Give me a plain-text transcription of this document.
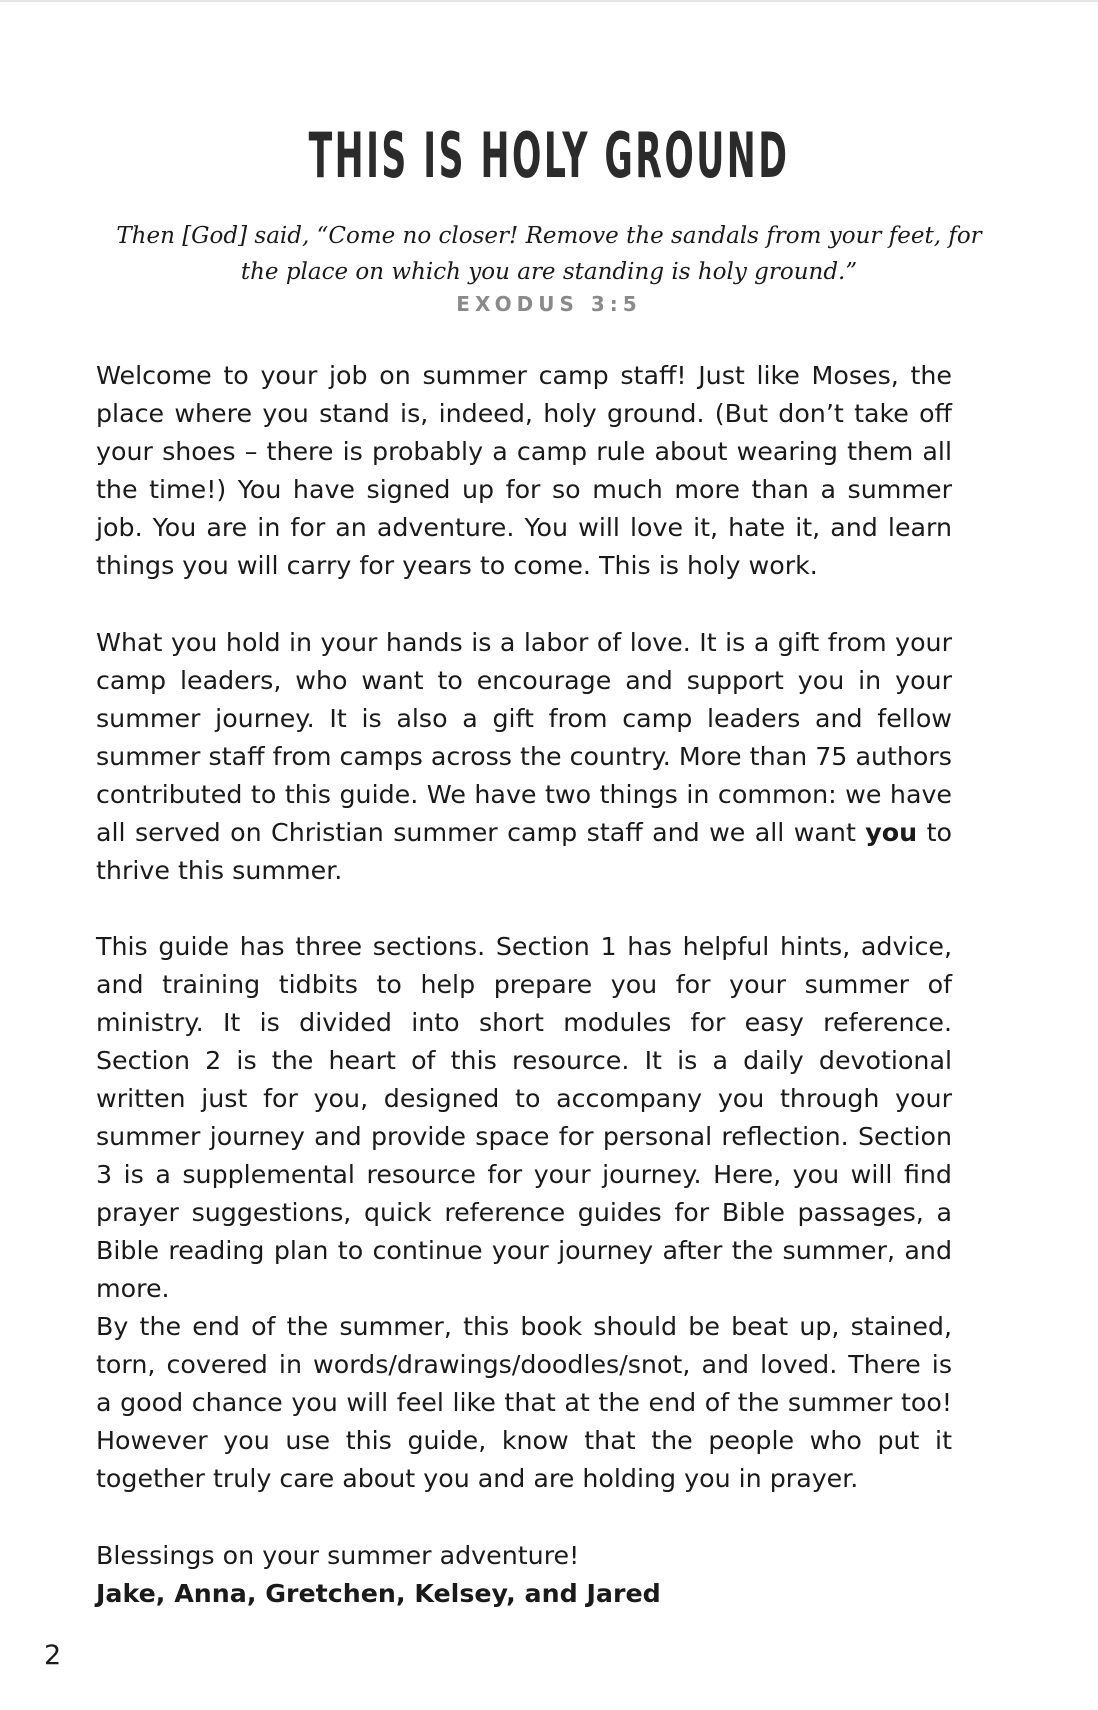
THIS IS HOLY GROUND

Then [God] said, “Come no closer! Remove the sandals from your feet, for the place on which you are standing is holy ground.”

EXODUS 3:5

Welcome to your job on summer camp staff! Just like Moses, the place where you stand is, indeed, holy ground. (But don’t take off your shoes – there is probably a camp rule about wearing them all the time!) You have signed up for so much more than a summer job. You are in for an adventure. You will love it, hate it, and learn things you will carry for years to come. This is holy work.

What you hold in your hands is a labor of love. It is a gift from your camp leaders, who want to encourage and support you in your summer journey. It is also a gift from camp leaders and fellow summer staff from camps across the country. More than 75 authors contributed to this guide. We have two things in common: we have all served on Christian summer camp staff and we all want you to thrive this summer.

This guide has three sections. Section 1 has helpful hints, advice, and training tidbits to help prepare you for your summer of ministry. It is divided into short modules for easy reference. Section 2 is the heart of this resource. It is a daily devotional written just for you, designed to accompany you through your summer journey and provide space for personal reflection. Section 3 is a supplemental resource for your journey. Here, you will find prayer suggestions, quick reference guides for Bible passages, a Bible reading plan to continue your journey after the summer, and more.

By the end of the summer, this book should be beat up, stained, torn, covered in words/drawings/doodles/snot, and loved. There is a good chance you will feel like that at the end of the summer too! However you use this guide, know that the people who put it together truly care about you and are holding you in prayer.

Blessings on your summer adventure!
Jake, Anna, Gretchen, Kelsey, and Jared
2
